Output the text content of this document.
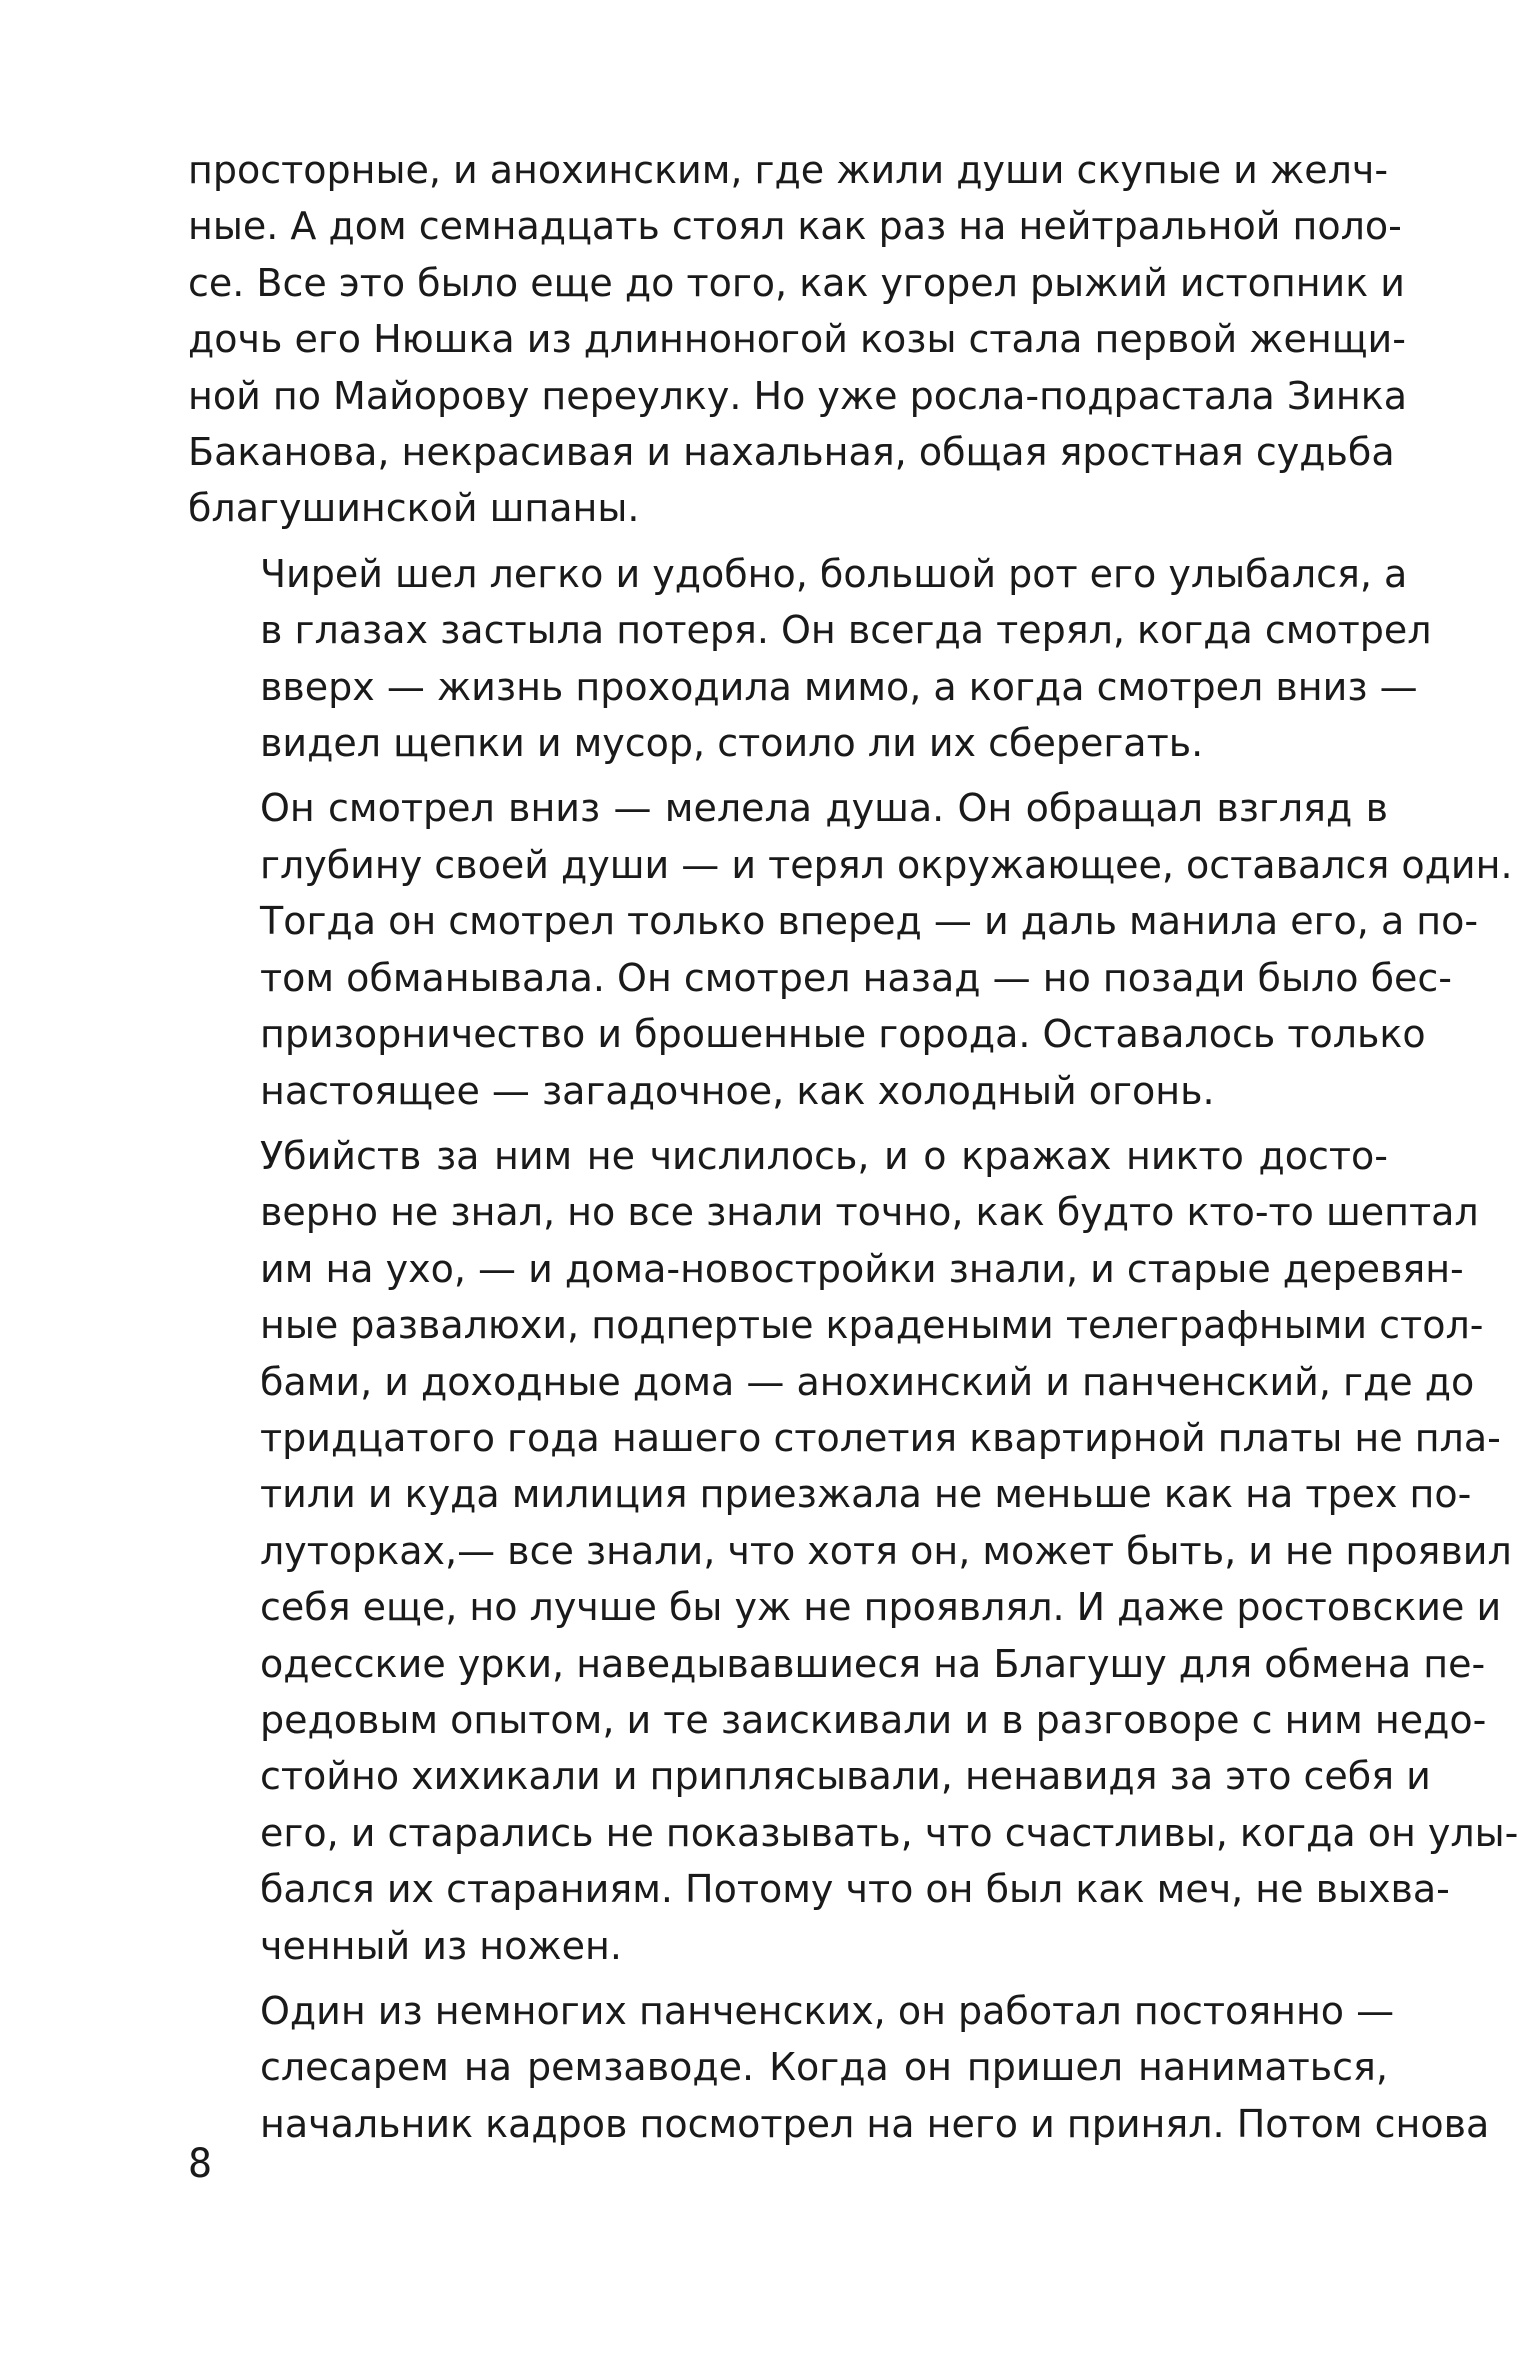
просторные, и анохинским, где жили души скупые и желч-
ные. А дом семнадцать стоял как раз на нейтральной поло-
се. Все это было еще до того, как угорел рыжий истопник и
дочь его Нюшка из длинноногой козы стала первой женщи-
ной по Майорову переулку. Но уже росла-подрастала Зинка
Баканова, некрасивая и нахальная, общая яростная судьба
благушинской шпаны.

Чирей шел легко и удобно, большой рот его улыбался, а
в глазах застыла потеря. Он всегда терял, когда смотрел
вверх — жизнь проходила мимо, а когда смотрел вниз —
видел щепки и мусор, стоило ли их сберегать.

Он смотрел вниз — мелела душа. Он обращал взгляд в
глубину своей души — и терял окружающее, оставался один.
Тогда он смотрел только вперед — и даль манила его, а по-
том обманывала. Он смотрел назад — но позади было бес-
призорничество и брошенные города. Оставалось только
настоящее — загадочное, как холодный огонь.

Убийств за ним не числилось, и о кражах никто досто-
верно не знал, но все знали точно, как будто кто-то шептал
им на ухо, — и дома-новостройки знали, и старые деревян-
ные развалюхи, подпертые крадеными телеграфными стол-
бами, и доходные дома — анохинский и панченский, где до
тридцатого года нашего столетия квартирной платы не пла-
тили и куда милиция приезжала не меньше как на трех по-
луторках,— все знали, что хотя он, может быть, и не проявил
себя еще, но лучше бы уж не проявлял. И даже ростовские и
одесские урки, наведывавшиеся на Благушу для обмена пе-
редовым опытом, и те заискивали и в разговоре с ним недо-
стойно хихикали и приплясывали, ненавидя за это себя и
его, и старались не показывать, что счастливы, когда он улы-
бался их стараниям. Потому что он был как меч, не выхва-
ченный из ножен.

Один из немногих панченских, он работал постоянно —
слесарем на ремзаводе. Когда он пришел наниматься,
начальник кадров посмотрел на него и принял. Потом снова

8
